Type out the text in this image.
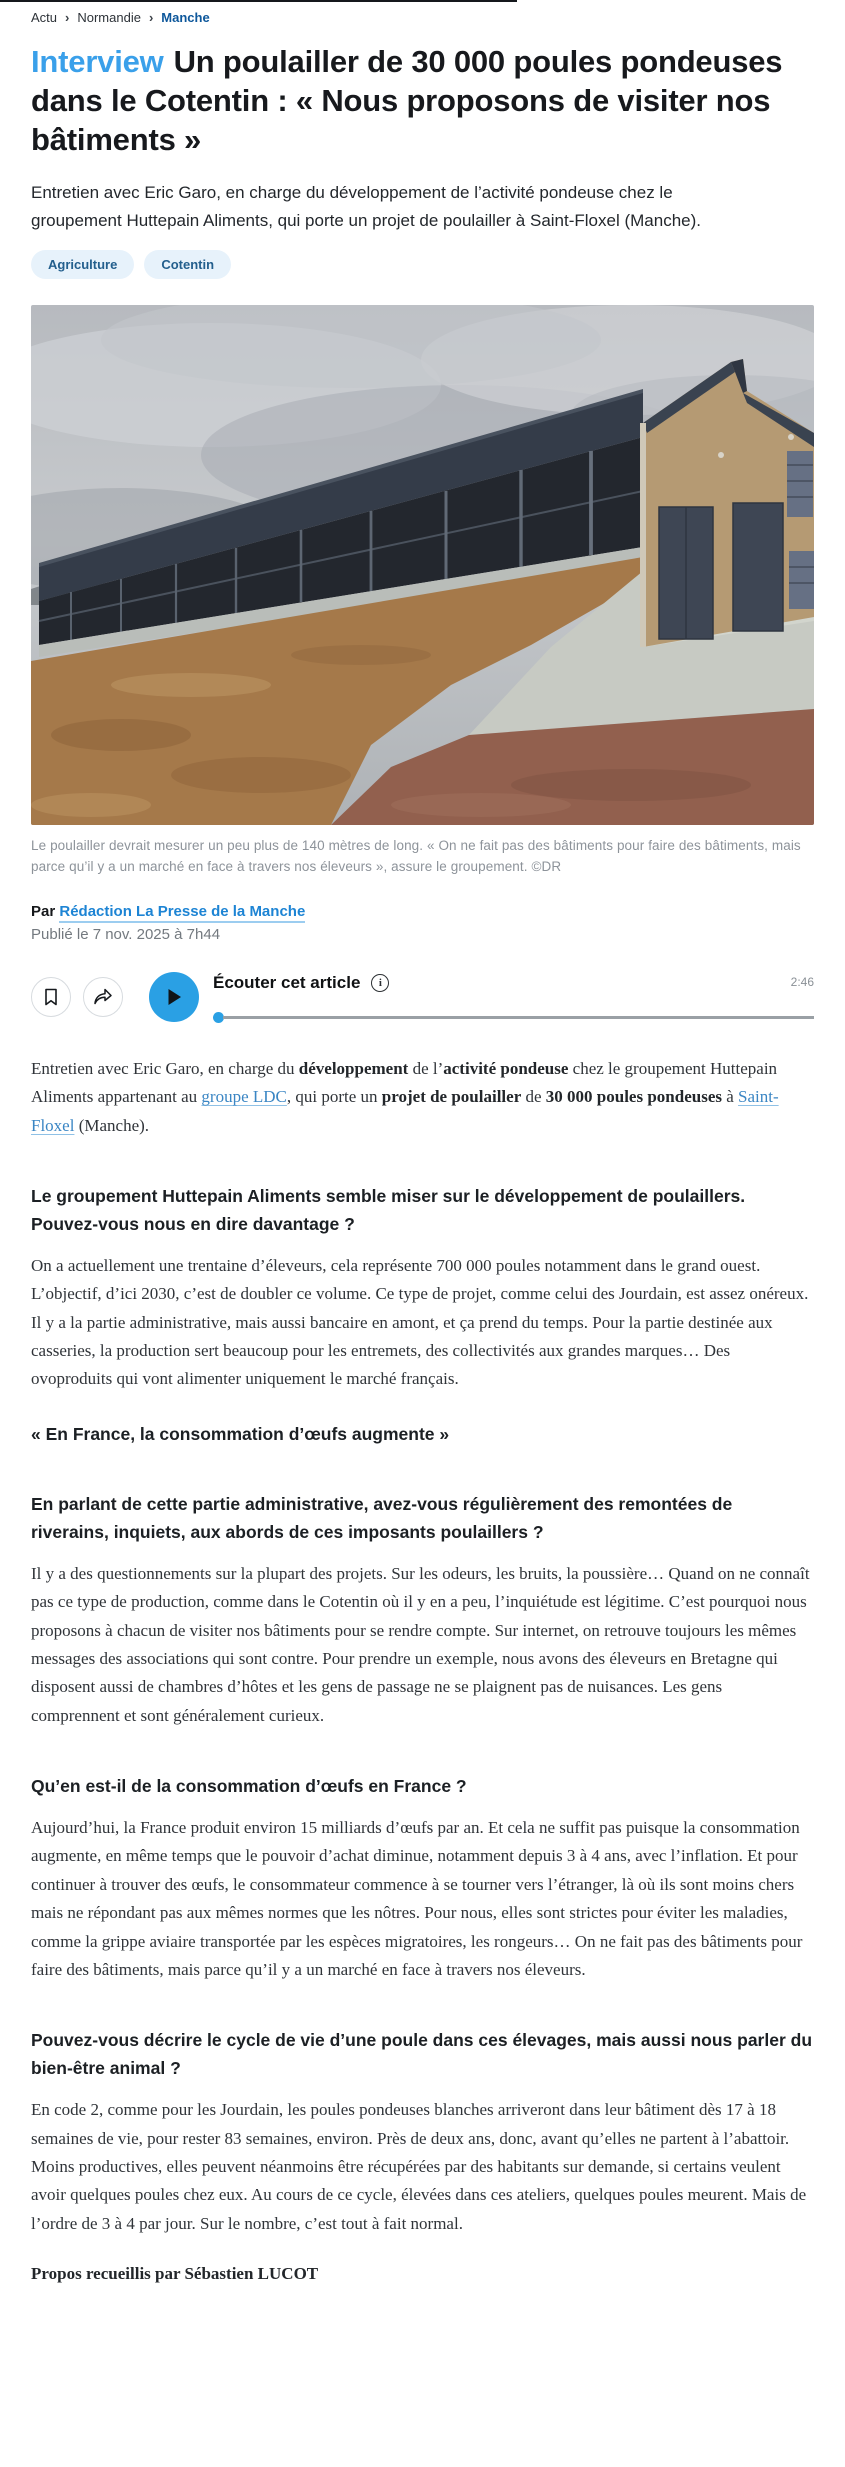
Actu › Normandie › Manche
Interview Un poulailler de 30 000 poules pondeuses dans le Cotentin : « Nous proposons de visiter nos bâtiments »

Entretien avec Eric Garo, en charge du développement de l’activité pondeuse chez le groupement Huttepain Aliments, qui porte un projet de poulailler à Saint-Floxel (Manche).

Agriculture	Cotentin
Le poulailler devrait mesurer un peu plus de 140 mètres de long. « On ne fait pas des bâtiments pour faire des bâtiments, mais parce qu’il y a un marché en face à travers nos éleveurs », assure le groupement. ©DR
Par Rédaction La Presse de la Manche
Publié le 7 nov. 2025 à 7h44
Écouter cet article	i	2:46

Entretien avec Eric Garo, en charge du développement de l’activité pondeuse chez le groupement Huttepain Aliments appartenant au groupe LDC, qui porte un projet de poulailler de 30 000 poules pondeuses à Saint-Floxel (Manche).

Le groupement Huttepain Aliments semble miser sur le développement de poulaillers. Pouvez-vous nous en dire davantage ?

On a actuellement une trentaine d’éleveurs, cela représente 700 000 poules notamment dans le grand ouest. L’objectif, d’ici 2030, c’est de doubler ce volume. Ce type de projet, comme celui des Jourdain, est assez onéreux. Il y a la partie administrative, mais aussi bancaire en amont, et ça prend du temps. Pour la partie destinée aux casseries, la production sert beaucoup pour les entremets, des collectivités aux grandes marques… Des ovoproduits qui vont alimenter uniquement le marché français.

« En France, la consommation d’œufs augmente »
En parlant de cette partie administrative, avez-vous régulièrement des remontées de riverains, inquiets, aux abords de ces imposants poulaillers ?

Il y a des questionnements sur la plupart des projets. Sur les odeurs, les bruits, la poussière… Quand on ne connaît pas ce type de production, comme dans le Cotentin où il y en a peu, l’inquiétude est légitime. C’est pourquoi nous proposons à chacun de visiter nos bâtiments pour se rendre compte. Sur internet, on retrouve toujours les mêmes messages des associations qui sont contre. Pour prendre un exemple, nous avons des éleveurs en Bretagne qui disposent aussi de chambres d’hôtes et les gens de passage ne se plaignent pas de nuisances. Les gens comprennent et sont généralement curieux.

Qu’en est-il de la consommation d’œufs en France ?

Aujourd’hui, la France produit environ 15 milliards d’œufs par an. Et cela ne suffit pas puisque la consommation augmente, en même temps que le pouvoir d’achat diminue, notamment depuis 3 à 4 ans, avec l’inflation. Et pour continuer à trouver des œufs, le consommateur commence à se tourner vers l’étranger, là où ils sont moins chers mais ne répondant pas aux mêmes normes que les nôtres. Pour nous, elles sont strictes pour éviter les maladies, comme la grippe aviaire transportée par les espèces migratoires, les rongeurs… On ne fait pas des bâtiments pour faire des bâtiments, mais parce qu’il y a un marché en face à travers nos éleveurs.

Pouvez-vous décrire le cycle de vie d’une poule dans ces élevages, mais aussi nous parler du bien-être animal ?

En code 2, comme pour les Jourdain, les poules pondeuses blanches arriveront dans leur bâtiment dès 17 à 18 semaines de vie, pour rester 83 semaines, environ. Près de deux ans, donc, avant qu’elles ne partent à l’abattoir. Moins productives, elles peuvent néanmoins être récupérées par des habitants sur demande, si certains veulent avoir quelques poules chez eux. Au cours de ce cycle, élevées dans ces ateliers, quelques poules meurent. Mais de l’ordre de 3 à 4 par jour. Sur le nombre, c’est tout à fait normal.

Propos recueillis par Sébastien LUCOT
